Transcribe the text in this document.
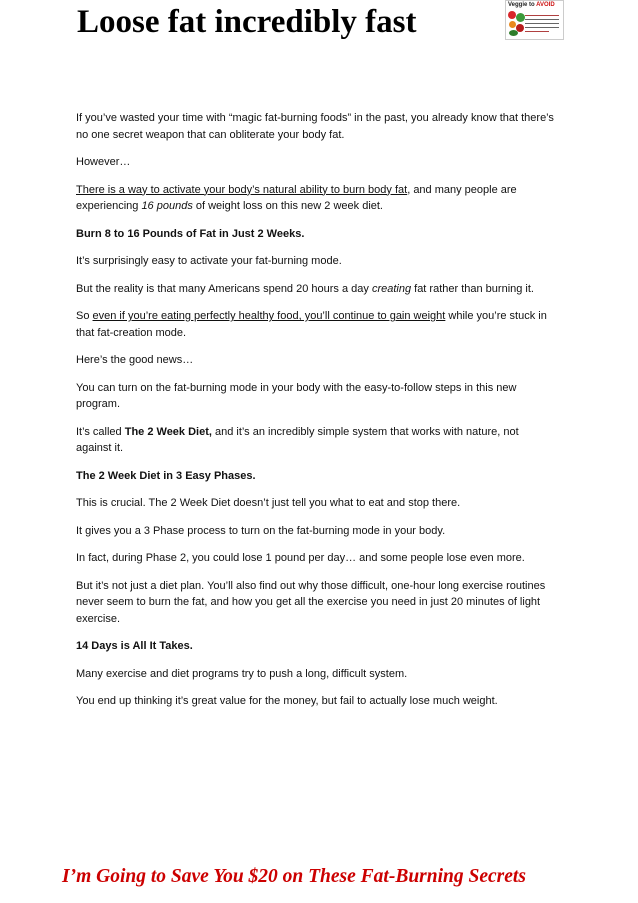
Loose fat incredibly fast	Veggie to AVOID

If you’ve wasted your time with “magic fat-burning foods” in the past, you already know that there’s no one secret weapon that can obliterate your body fat.

However…

There is a way to activate your body’s natural ability to burn body fat, and many people are experiencing 16 pounds of weight loss on this new 2 week diet.

Burn 8 to 16 Pounds of Fat in Just 2 Weeks.

It’s surprisingly easy to activate your fat-burning mode.

But the reality is that many Americans spend 20 hours a day creating fat rather than burning it.

So even if you’re eating perfectly healthy food, you’ll continue to gain weight while you’re stuck in that fat-creation mode.

Here’s the good news…

You can turn on the fat-burning mode in your body with the easy-to-follow steps in this new program.

It’s called The 2 Week Diet, and it’s an incredibly simple system that works with nature, not against it.

The 2 Week Diet in 3 Easy Phases.

This is crucial. The 2 Week Diet doesn’t just tell you what to eat and stop there.

It gives you a 3 Phase process to turn on the fat-burning mode in your body.

In fact, during Phase 2, you could lose 1 pound per day… and some people lose even more.

But it’s not just a diet plan. You’ll also find out why those difficult, one-hour long exercise routines never seem to burn the fat, and how you get all the exercise you need in just 20 minutes of light exercise.

14 Days is All It Takes.

Many exercise and diet programs try to push a long, difficult system.

You end up thinking it’s great value for the money, but fail to actually lose much weight.

I’m Going to Save You $20 on These Fat-Burning Secrets
